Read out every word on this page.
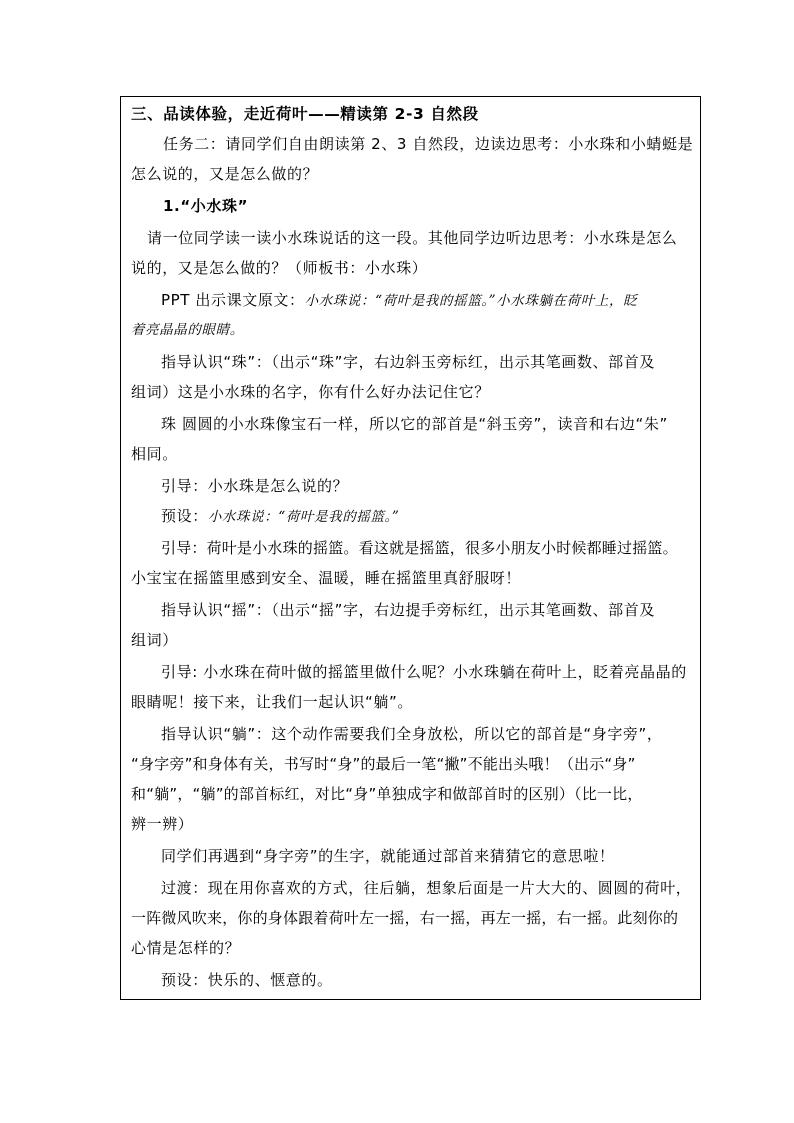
三、品读体验，走近荷叶——精读第 2-3 自然段
任务二：请同学们自由朗读第 2、3 自然段，边读边思考：小水珠和小蜻蜓是
怎么说的，又是怎么做的？
1.“小水珠”
请一位同学读一读小水珠说话的这一段。其他同学边听边思考：小水珠是怎么
说的，又是怎么做的？（师板书：小水珠）
PPT 出示课文原文：小水珠说：“荷叶是我的摇篮。”小水珠躺在荷叶上，眨
着亮晶晶的眼睛。
指导认识“珠”：（出示“珠”字，右边斜玉旁标红，出示其笔画数、部首及
组词）这是小水珠的名字，你有什么好办法记住它？
珠 圆圆的小水珠像宝石一样，所以它的部首是“斜玉旁”，读音和右边“朱”
相同。
引导：小水珠是怎么说的？
预设：小水珠说：“荷叶是我的摇篮。”
引导：荷叶是小水珠的摇篮。看这就是摇篮，很多小朋友小时候都睡过摇篮。
小宝宝在摇篮里感到安全、温暖，睡在摇篮里真舒服呀！
指导认识“摇”：（出示“摇”字，右边提手旁标红，出示其笔画数、部首及
组词）
引导: 小水珠在荷叶做的摇篮里做什么呢？小水珠躺在荷叶上，眨着亮晶晶的
眼睛呢！接下来，让我们一起认识“躺”。
指导认识“躺”：这个动作需要我们全身放松，所以它的部首是“身字旁”，
“身字旁”和身体有关，书写时“身”的最后一笔“撇”不能出头哦！（出示“身”
和“躺”，“躺”的部首标红，对比“身”单独成字和做部首时的区别）（比一比，
辨一辨）
同学们再遇到“身字旁”的生字，就能通过部首来猜猜它的意思啦！
过渡：现在用你喜欢的方式，往后躺，想象后面是一片大大的、圆圆的荷叶，
一阵微风吹来，你的身体跟着荷叶左一摇，右一摇，再左一摇，右一摇。此刻你的
心情是怎样的？
预设：快乐的、惬意的。
